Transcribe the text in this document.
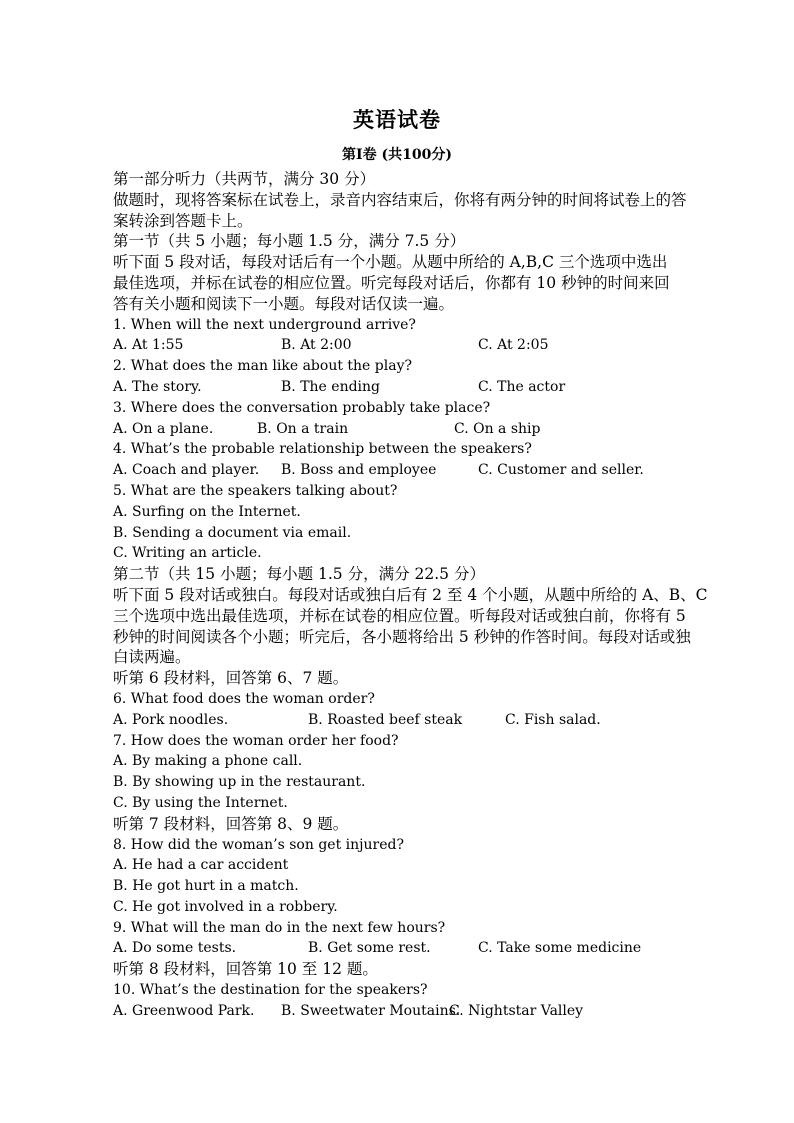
英语试卷
第Ⅰ卷 (共100分)
第一部分听力（共两节，满分 30 分）
做题时，现将答案标在试卷上，录音内容结束后，你将有两分钟的时间将试卷上的答
案转涂到答题卡上。
第一节（共 5 小题；每小题 1.5 分，满分 7.5 分）
听下面 5 段对话，每段对话后有一个小题。从题中所给的 A,B,C 三个选项中选出
最佳选项，并标在试卷的相应位置。听完每段对话后，你都有 10 秒钟的时间来回
答有关小题和阅读下一小题。每段对话仅读一遍。
1. When will the next underground arrive?
A. At 1:55	B. At 2:00	C. At 2:05
2. What does the man like about the play?
A. The story.	B. The ending	C. The actor
3. Where does the conversation probably take place?
A. On a plane.	B. On a train	C. On a ship
4. What’s the probable relationship between the speakers?
A. Coach and player. B. Boss and employee	C. Customer and seller.
5. What are the speakers talking about?
A. Surfing on the Internet.
B. Sending a document via email.
C. Writing an article.
第二节（共 15 小题；每小题 1.5 分，满分 22.5 分）
听下面 5 段对话或独白。每段对话或独白后有 2 至 4 个小题，从题中所给的 A、B、C
三个选项中选出最佳选项，并标在试卷的相应位置。听每段对话或独白前，你将有 5
秒钟的时间阅读各个小题；听完后，各小题将给出 5 秒钟的作答时间。每段对话或独
白读两遍。
听第 6 段材料，回答第 6、7 题。
6. What food does the woman order?
A. Pork noodles.	B. Roasted beef steak	C. Fish salad.
7. How does the woman order her food?
A. By making a phone call.
B. By showing up in the restaurant.
C. By using the Internet.
听第 7 段材料，回答第 8、9 题。
8. How did the woman’s son get injured?
A. He had a car accident
B. He got hurt in a match.
C. He got involved in a robbery.
9. What will the man do in the next few hours?
A. Do some tests.	B. Get some rest.	C. Take some medicine
听第 8 段材料，回答第 10 至 12 题。
10. What’s the destination for the speakers?
A. Greenwood Park. B. Sweetwater Moutains.
C. Nightstar Valley
